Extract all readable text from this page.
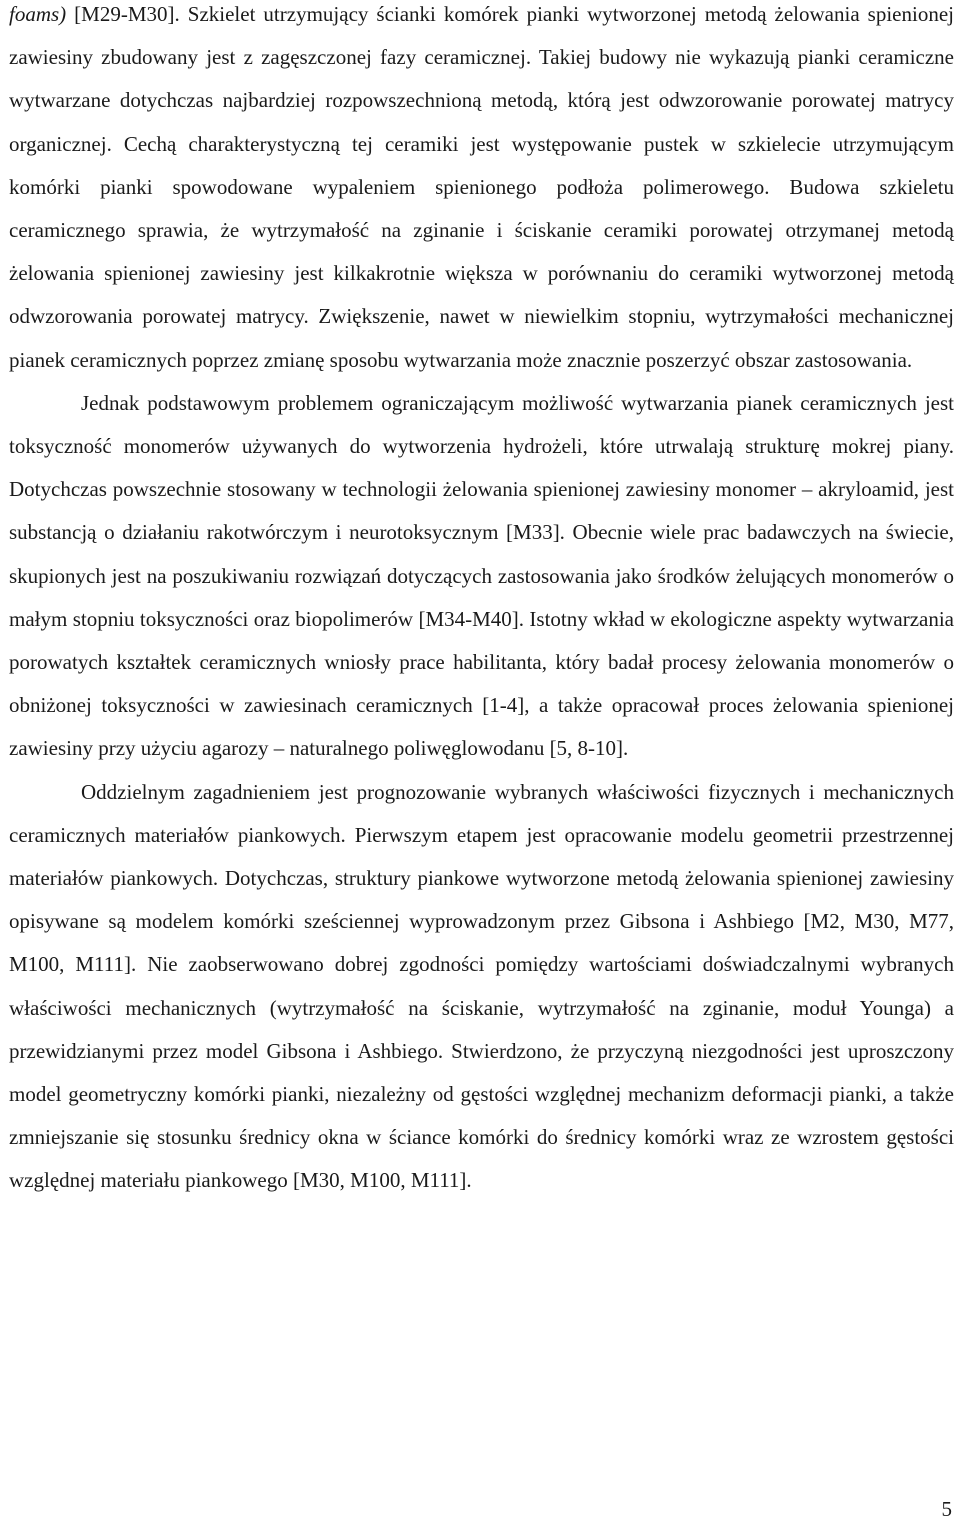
foams) [M29-M30]. Szkielet utrzymujący ścianki komórek pianki wytworzonej metodą żelowania spienionej zawiesiny zbudowany jest z zagęszczonej fazy ceramicznej. Takiej budowy nie wykazują pianki ceramiczne wytwarzane dotychczas najbardziej rozpowszechnioną metodą, którą jest odwzorowanie porowatej matrycy organicznej. Cechą charakterystyczną tej ceramiki jest występowanie pustek w szkielecie utrzymującym komórki pianki spowodowane wypaleniem spienionego podłoża polimerowego. Budowa szkieletu ceramicznego sprawia, że wytrzymałość na zginanie i ściskanie ceramiki porowatej otrzymanej metodą żelowania spienionej zawiesiny jest kilkakrotnie większa w porównaniu do ceramiki wytworzonej metodą odwzorowania porowatej matrycy. Zwiększenie, nawet w niewielkim stopniu, wytrzymałości mechanicznej pianek ceramicznych poprzez zmianę sposobu wytwarzania może znacznie poszerzyć obszar zastosowania.

Jednak podstawowym problemem ograniczającym możliwość wytwarzania pianek ceramicznych jest toksyczność monomerów używanych do wytworzenia hydrożeli, które utrwalają strukturę mokrej piany. Dotychczas powszechnie stosowany w technologii żelowania spienionej zawiesiny monomer – akryloamid, jest substancją o działaniu rakotwórczym i neurotoksycznym [M33]. Obecnie wiele prac badawczych na świecie, skupionych jest na poszukiwaniu rozwiązań dotyczących zastosowania jako środków żelujących monomerów o małym stopniu toksyczności oraz biopolimerów [M34-M40]. Istotny wkład w ekologiczne aspekty wytwarzania porowatych kształtek ceramicznych wniosły prace habilitanta, który badał procesy żelowania monomerów o obniżonej toksyczności w zawiesinach ceramicznych [1-4], a także opracował proces żelowania spienionej zawiesiny przy użyciu agarozy – naturalnego poliwęglowodanu [5, 8-10].

Oddzielnym zagadnieniem jest prognozowanie wybranych właściwości fizycznych i mechanicznych ceramicznych materiałów piankowych. Pierwszym etapem jest opracowanie modelu geometrii przestrzennej materiałów piankowych. Dotychczas, struktury piankowe wytworzone metodą żelowania spienionej zawiesiny opisywane są modelem komórki sześciennej wyprowadzonym przez Gibsona i Ashbiego [M2, M30, M77, M100, M111]. Nie zaobserwowano dobrej zgodności pomiędzy wartościami doświadczalnymi wybranych właściwości mechanicznych (wytrzymałość na ściskanie, wytrzymałość na zginanie, moduł Younga) a przewidzianymi przez model Gibsona i Ashbiego. Stwierdzono, że przyczyną niezgodności jest uproszczony model geometryczny komórki pianki, niezależny od gęstości względnej mechanizm deformacji pianki, a także zmniejszanie się stosunku średnicy okna w ściance komórki do średnicy komórki wraz ze wzrostem gęstości względnej materiału piankowego [M30, M100, M111].

5
